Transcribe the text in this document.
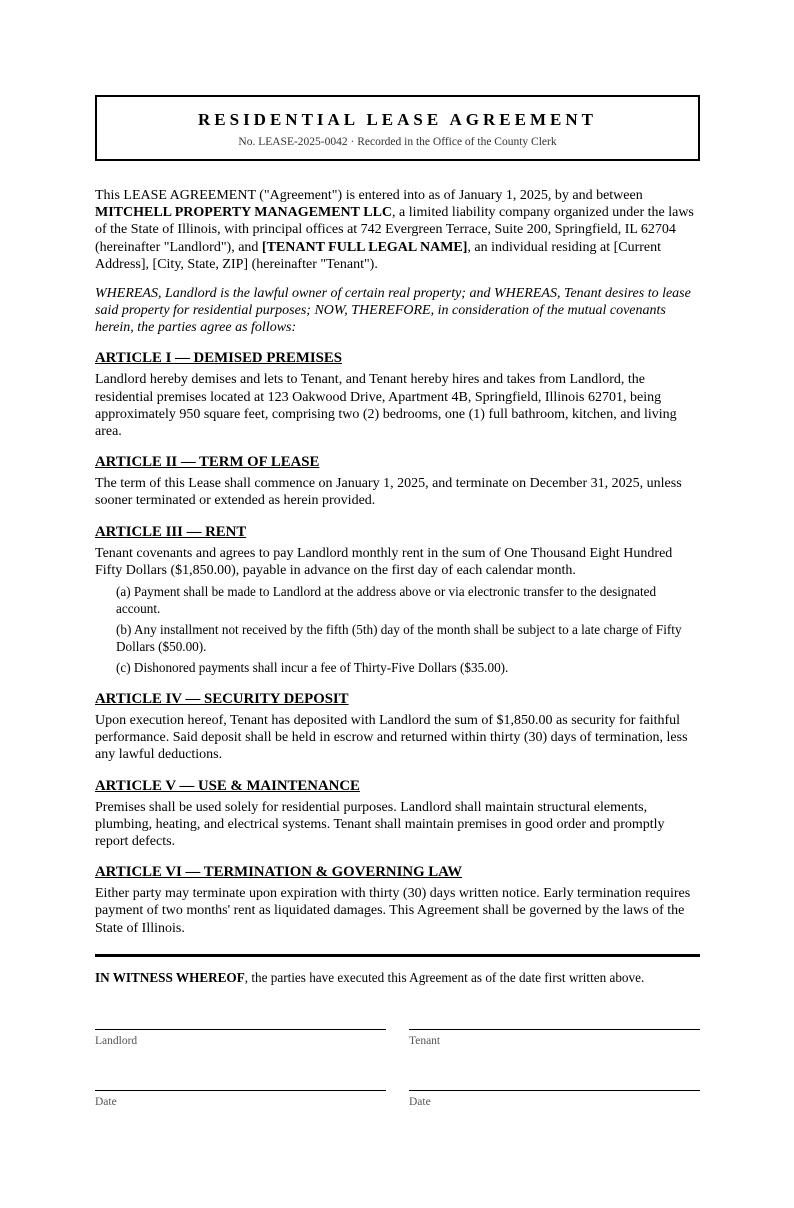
RESIDENTIAL LEASE AGREEMENT
No. LEASE-2025-0042 · Recorded in the Office of the County Clerk

This LEASE AGREEMENT ("Agreement") is entered into as of January 1, 2025, by and between MITCHELL PROPERTY MANAGEMENT LLC, a limited liability company organized under the laws of the State of Illinois, with principal offices at 742 Evergreen Terrace, Suite 200, Springfield, IL 62704 (hereinafter "Landlord"), and [TENANT FULL LEGAL NAME], an individual residing at [Current Address], [City, State, ZIP] (hereinafter "Tenant").

WHEREAS, Landlord is the lawful owner of certain real property; and WHEREAS, Tenant desires to lease said property for residential purposes; NOW, THEREFORE, in consideration of the mutual covenants herein, the parties agree as follows:

ARTICLE I — DEMISED PREMISES

Landlord hereby demises and lets to Tenant, and Tenant hereby hires and takes from Landlord, the residential premises located at 123 Oakwood Drive, Apartment 4B, Springfield, Illinois 62701, being approximately 950 square feet, comprising two (2) bedrooms, one (1) full bathroom, kitchen, and living area.

ARTICLE II — TERM OF LEASE

The term of this Lease shall commence on January 1, 2025, and terminate on December 31, 2025, unless sooner terminated or extended as herein provided.

ARTICLE III — RENT

Tenant covenants and agrees to pay Landlord monthly rent in the sum of One Thousand Eight Hundred Fifty Dollars ($1,850.00), payable in advance on the first day of each calendar month.

(a) Payment shall be made to Landlord at the address above or via electronic transfer to the designated account.

(b) Any installment not received by the fifth (5th) day of the month shall be subject to a late charge of Fifty Dollars ($50.00).

(c) Dishonored payments shall incur a fee of Thirty-Five Dollars ($35.00).

ARTICLE IV — SECURITY DEPOSIT

Upon execution hereof, Tenant has deposited with Landlord the sum of $1,850.00 as security for faithful performance. Said deposit shall be held in escrow and returned within thirty (30) days of termination, less any lawful deductions.

ARTICLE V — USE & MAINTENANCE

Premises shall be used solely for residential purposes. Landlord shall maintain structural elements, plumbing, heating, and electrical systems. Tenant shall maintain premises in good order and promptly report defects.

ARTICLE VI — TERMINATION & GOVERNING LAW

Either party may terminate upon expiration with thirty (30) days written notice. Early termination requires payment of two months' rent as liquidated damages. This Agreement shall be governed by the laws of the State of Illinois.

IN WITNESS WHEREOF, the parties have executed this Agreement as of the date first written above.

Landlord	Tenant
Date	Date
